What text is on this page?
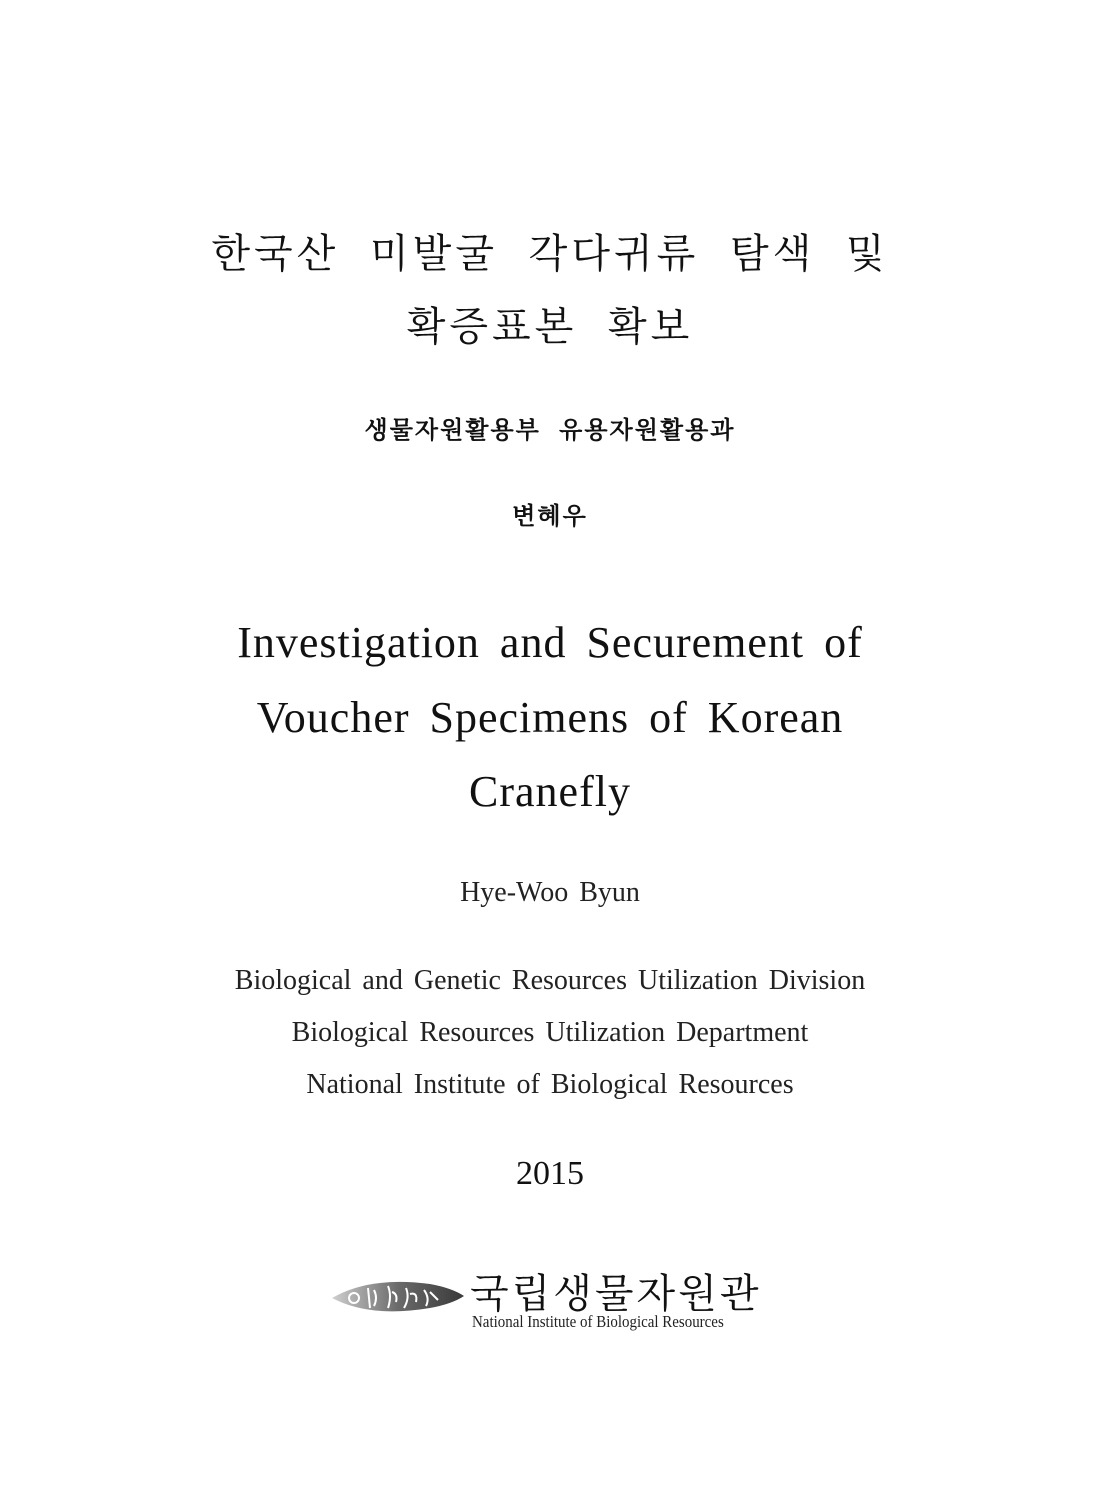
한국산 미발굴 각다귀류 탐색 및
확증표본 확보
생물자원활용부 유용자원활용과
변혜우
Investigation and Securement of
Voucher Specimens of Korean
Cranefly
Hye-Woo Byun
Biological and Genetic Resources Utilization Division
Biological Resources Utilization Department
National Institute of Biological Resources
2015
국립생물자원관
National Institute of Biological Resources
